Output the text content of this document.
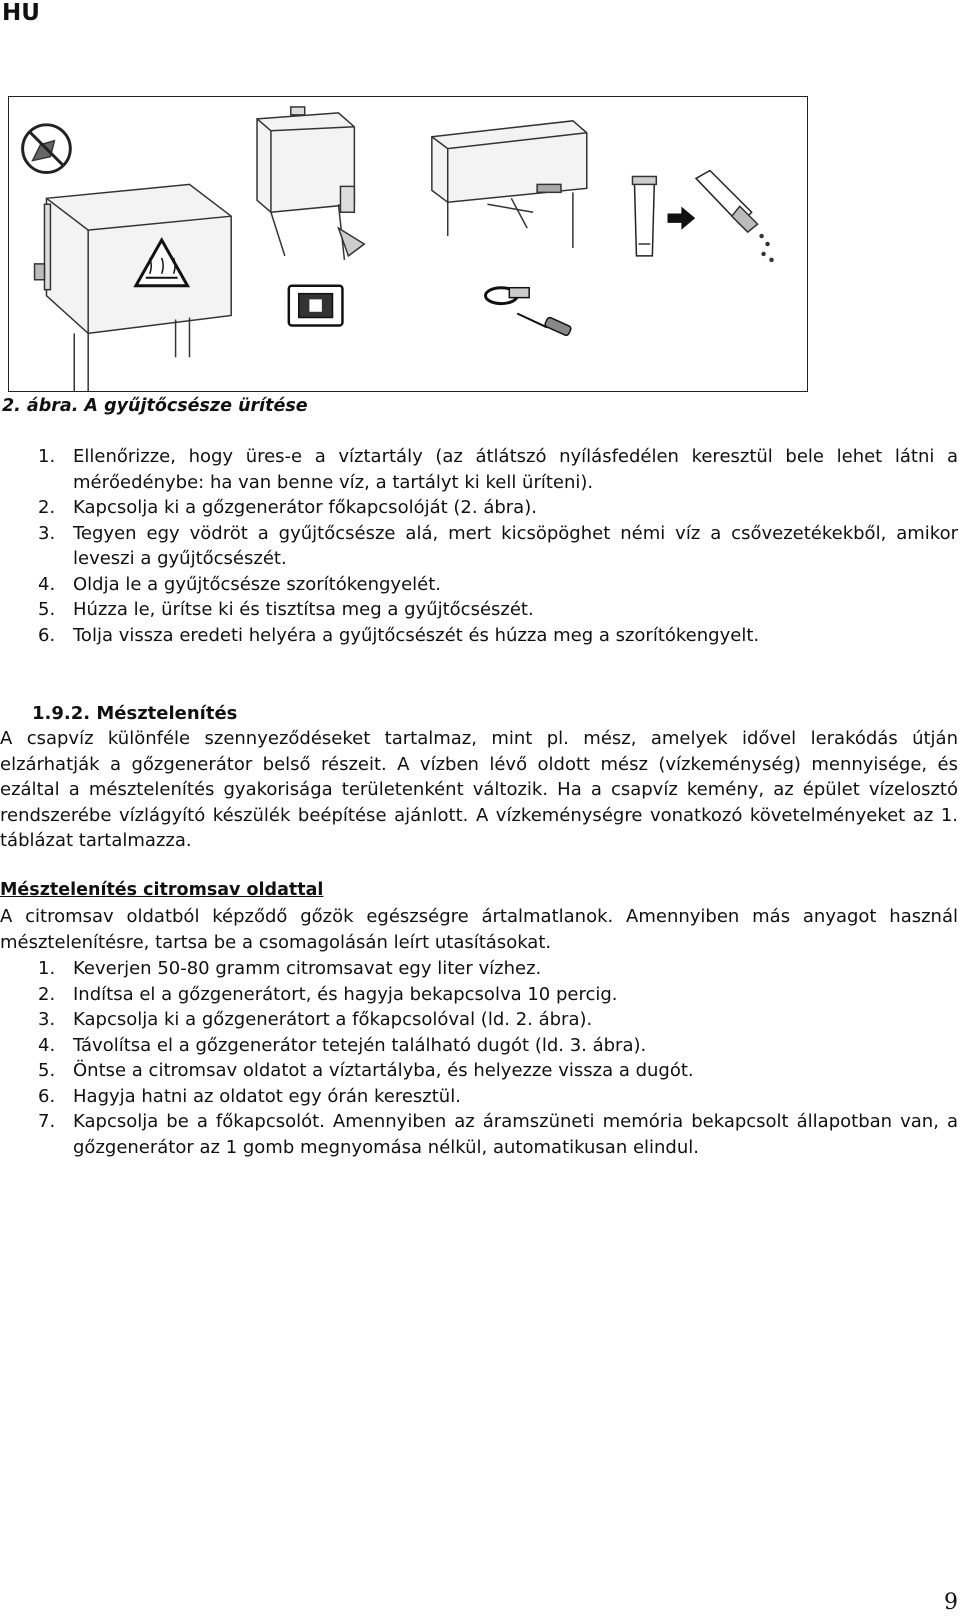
HU
2. ábra. A gyűjtőcsésze ürítése
1. Ellenőrizze, hogy üres-e a víztartály (az átlátszó nyílásfedélen keresztül bele lehet látni a mérőedénybe: ha van benne víz, a tartályt ki kell üríteni).
2. Kapcsolja ki a gőzgenerátor főkapcsolóját (2. ábra).
3. Tegyen egy vödröt a gyűjtőcsésze alá, mert kicsöpöghet némi víz a csővezetékekből, amikor leveszi a gyűjtőcsészét.
4. Oldja le a gyűjtőcsésze szorítókengyelét.
5. Húzza le, ürítse ki és tisztítsa meg a gyűjtőcsészét.
6. Tolja vissza eredeti helyéra a gyűjtőcsészét és húzza meg a szorítókengyelt.
1.9.2. Mésztelenítés
A csapvíz különféle szennyeződéseket tartalmaz, mint pl. mész, amelyek idővel lerakódás útján elzárhatják a gőzgenerátor belső részeit. A vízben lévő oldott mész (vízkeménység) mennyisége, és ezáltal a mésztelenítés gyakorisága területenként változik. Ha a csapvíz kemény, az épület vízelosztó rendszerébe vízlágyító készülék beépítése ajánlott. A vízkeménységre vonatkozó követelményeket az 1. táblázat tartalmazza.
Mésztelenítés citromsav oldattal
A citromsav oldatból képződő gőzök egészségre ártalmatlanok. Amennyiben más anyagot használ mésztelenítésre, tartsa be a csomagolásán leírt utasításokat.
1. Keverjen 50-80 gramm citromsavat egy liter vízhez.
2. Indítsa el a gőzgenerátort, és hagyja bekapcsolva 10 percig.
3. Kapcsolja ki a gőzgenerátort a főkapcsolóval (ld. 2. ábra).
4. Távolítsa el a gőzgenerátor tetején található dugót (ld. 3. ábra).
5. Öntse a citromsav oldatot a víztartályba, és helyezze vissza a dugót.
6. Hagyja hatni az oldatot egy órán keresztül.
7. Kapcsolja be a főkapcsolót. Amennyiben az áramszüneti memória bekapcsolt állapotban van, a gőzgenerátor az 1 gomb megnyomása nélkül, automatikusan elindul.
9
